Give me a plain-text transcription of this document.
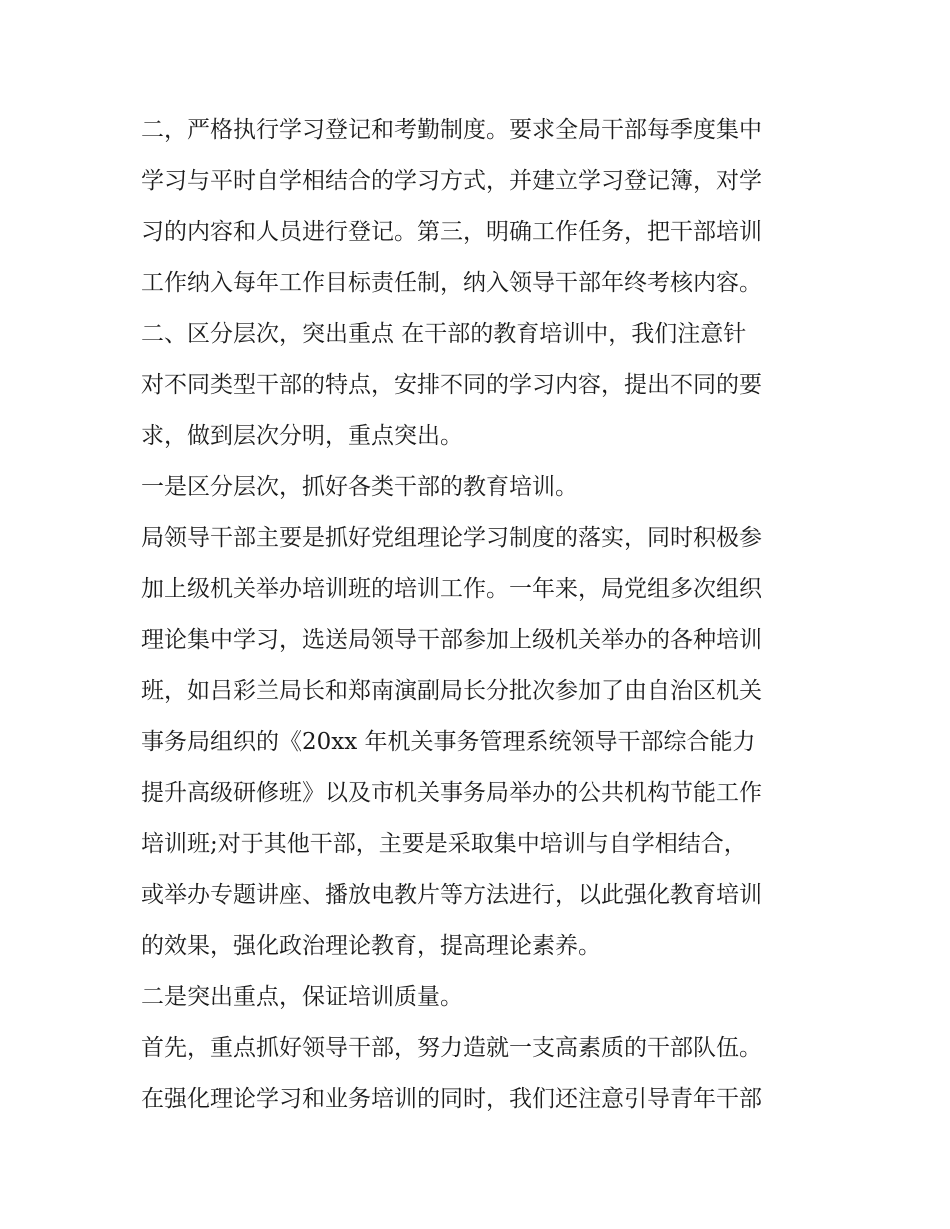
二，严格执行学习登记和考勤制度。要求全局干部每季度集中
学习与平时自学相结合的学习方式，并建立学习登记簿，对学
习的内容和人员进行登记。第三，明确工作任务，把干部培训
工作纳入每年工作目标责任制，纳入领导干部年终考核内容。
二、区分层次，突出重点 在干部的教育培训中，我们注意针
对不同类型干部的特点，安排不同的学习内容，提出不同的要
求，做到层次分明，重点突出。
一是区分层次，抓好各类干部的教育培训。
局领导干部主要是抓好党组理论学习制度的落实，同时积极参
加上级机关举办培训班的培训工作。一年来，局党组多次组织
理论集中学习，选送局领导干部参加上级机关举办的各种培训
班，如吕彩兰局长和郑南演副局长分批次参加了由自治区机关
事务局组织的《20xx 年机关事务管理系统领导干部综合能力
提升高级研修班》以及市机关事务局举办的公共机构节能工作
培训班;对于其他干部，主要是采取集中培训与自学相结合，
或举办专题讲座、播放电教片等方法进行，以此强化教育培训
的效果，强化政治理论教育，提高理论素养。
二是突出重点，保证培训质量。
首先，重点抓好领导干部，努力造就一支高素质的干部队伍。
在强化理论学习和业务培训的同时，我们还注意引导青年干部
